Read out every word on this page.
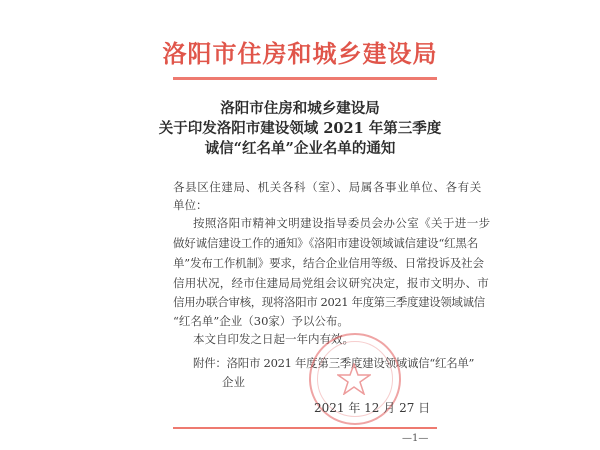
洛阳市住房和城乡建设局
洛阳市住房和城乡建设局
关于印发洛阳市建设领域 2021 年第三季度
诚信“红名单”企业名单的通知
各县区住建局、机关各科（室）、局属各事业单位、各有关
单位：
按照洛阳市精神文明建设指导委员会办公室《关于进一步
做好诚信建设工作的通知》《洛阳市建设领域诚信建设“红黑名
单”发布工作机制》要求，结合企业信用等级、日常投诉及社会
信用状况，经市住建局局党组会议研究决定，报市文明办、市
信用办联合审核，现将洛阳市 2021 年度第三季度建设领域诚信
“红名单”企业（30家）予以公布。
本文自印发之日起一年内有效。
附件：洛阳市 2021 年度第三季度建设领域诚信“红名单”
企业
2021 年 12 月 27 日
—1—
